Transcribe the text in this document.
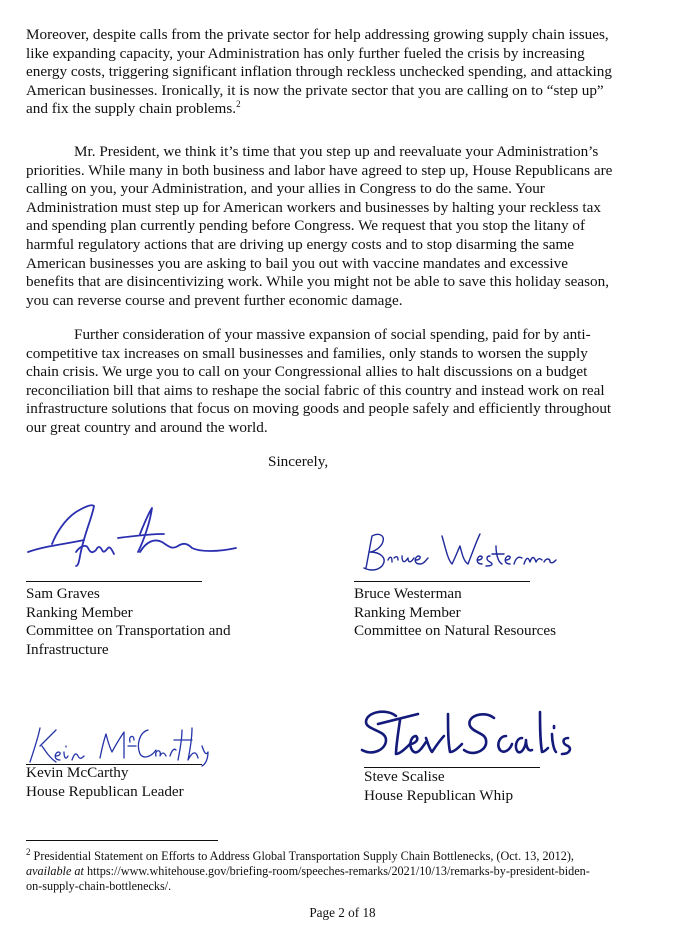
Moreover, despite calls from the private sector for help addressing growing supply chain issues,
like expanding capacity, your Administration has only further fueled the crisis by increasing
energy costs, triggering significant inflation through reckless unchecked spending, and attacking
American businesses. Ironically, it is now the private sector that you are calling on to “step up”
and fix the supply chain problems.$^2$
Mr. President, we think it’s time that you step up and reevaluate your Administration’s
priorities. While many in both business and labor have agreed to step up, House Republicans are
calling on you, your Administration, and your allies in Congress to do the same. Your
Administration must step up for American workers and businesses by halting your reckless tax
and spending plan currently pending before Congress. We request that you stop the litany of
harmful regulatory actions that are driving up energy costs and to stop disarming the same
American businesses you are asking to bail you out with vaccine mandates and excessive
benefits that are disincentivizing work. While you might not be able to save this holiday season,
you can reverse course and prevent further economic damage.
Further consideration of your massive expansion of social spending, paid for by anti-
competitive tax increases on small businesses and families, only stands to worsen the supply
chain crisis. We urge you to call on your Congressional allies to halt discussions on a budget
reconciliation bill that aims to reshape the social fabric of this country and instead work on real
infrastructure solutions that focus on moving goods and people safely and efficiently throughout
our great country and around the world.
Sincerely,
Sam Graves
Ranking Member
Committee on Transportation and
Infrastructure
Bruce Westerman
Ranking Member
Committee on Natural Resources
Kevin McCarthy
House Republican Leader
Steve Scalise
House Republican Whip
$^2$ Presidential Statement on Efforts to Address Global Transportation Supply Chain Bottlenecks, (Oct. 13, 2012),
available at https://www.whitehouse.gov/briefing-room/speeches-remarks/2021/10/13/remarks-by-president-biden-
on-supply-chain-bottlenecks/.
Page 2 of 18
